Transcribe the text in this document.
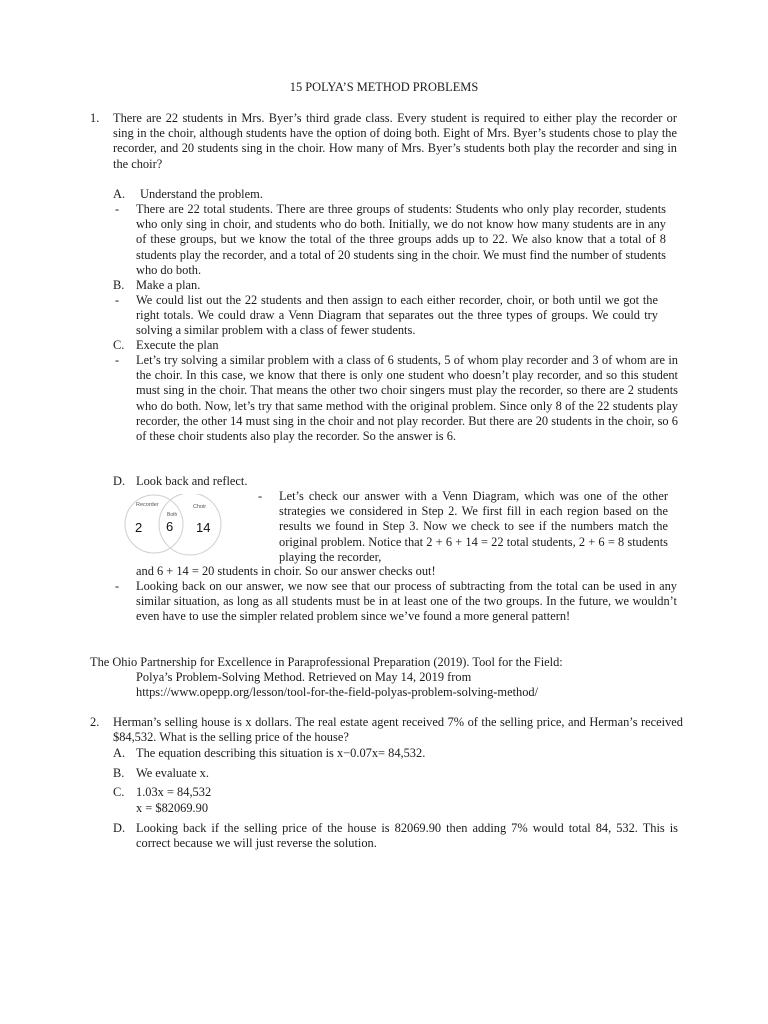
15 POLYA’S METHOD PROBLEMS
1. There are 22 students in Mrs. Byer’s third grade class. Every student is required to either play the recorder or sing in the choir, although students have the option of doing both. Eight of Mrs. Byer’s students chose to play the recorder, and 20 students sing in the choir. How many of Mrs. Byer’s students both play the recorder and sing in the choir?
A. Understand the problem.
- There are 22 total students. There are three groups of students: Students who only play recorder, students who only sing in choir, and students who do both. Initially, we do not know how many students are in any of these groups, but we know the total of the three groups adds up to 22. We also know that a total of 8 students play the recorder, and a total of 20 students sing in the choir. We must find the number of students who do both.
B. Make a plan.
- We could list out the 22 students and then assign to each either recorder, choir, or both until we got the right totals. We could draw a Venn Diagram that separates out the three types of groups. We could try solving a similar problem with a class of fewer students.
C. Execute the plan
- Let’s try solving a similar problem with a class of 6 students, 5 of whom play recorder and 3 of whom are in the choir. In this case, we know that there is only one student who doesn’t play recorder, and so this student must sing in the choir. That means the other two choir singers must play the recorder, so there are 2 students who do both. Now, let’s try that same method with the original problem. Since only 8 of the 22 students play recorder, the other 14 must sing in the choir and not play recorder. But there are 20 students in the choir, so 6 of these choir students also play the recorder. So the answer is 6.
D. Look back and reflect.
Recorder	Choir
Both
2 6 14
- Let’s check our answer with a Venn Diagram, which was one of the other strategies we considered in Step 2. We first fill in each region based on the results we found in Step 3. Now we check to see if the numbers match the original problem. Notice that 2 + 6 + 14 = 22 total students, 2 + 6 = 8 students playing the recorder,
and 6 + 14 = 20 students in choir. So our answer checks out!
- Looking back on our answer, we now see that our process of subtracting from the total can be used in any similar situation, as long as all students must be in at least one of the two groups. In the future, we wouldn’t even have to use the simpler related problem since we’ve found a more general pattern!
The Ohio Partnership for Excellence in Paraprofessional Preparation (2019). Tool for the Field:
Polya’s Problem-Solving Method. Retrieved on May 14, 2019 from
https://www.opepp.org/lesson/tool-for-the-field-polyas-problem-solving-method/
2. Herman’s selling house is x dollars. The real estate agent received 7% of the selling price, and Herman’s received $84,532. What is the selling price of the house?
A. The equation describing this situation is x−0.07x= 84,532.
B. We evaluate x.
C. 1.03x = 84,532
x = $82069.90
D. Looking back if the selling price of the house is 82069.90 then adding 7% would total 84, 532. This is correct because we will just reverse the solution.
